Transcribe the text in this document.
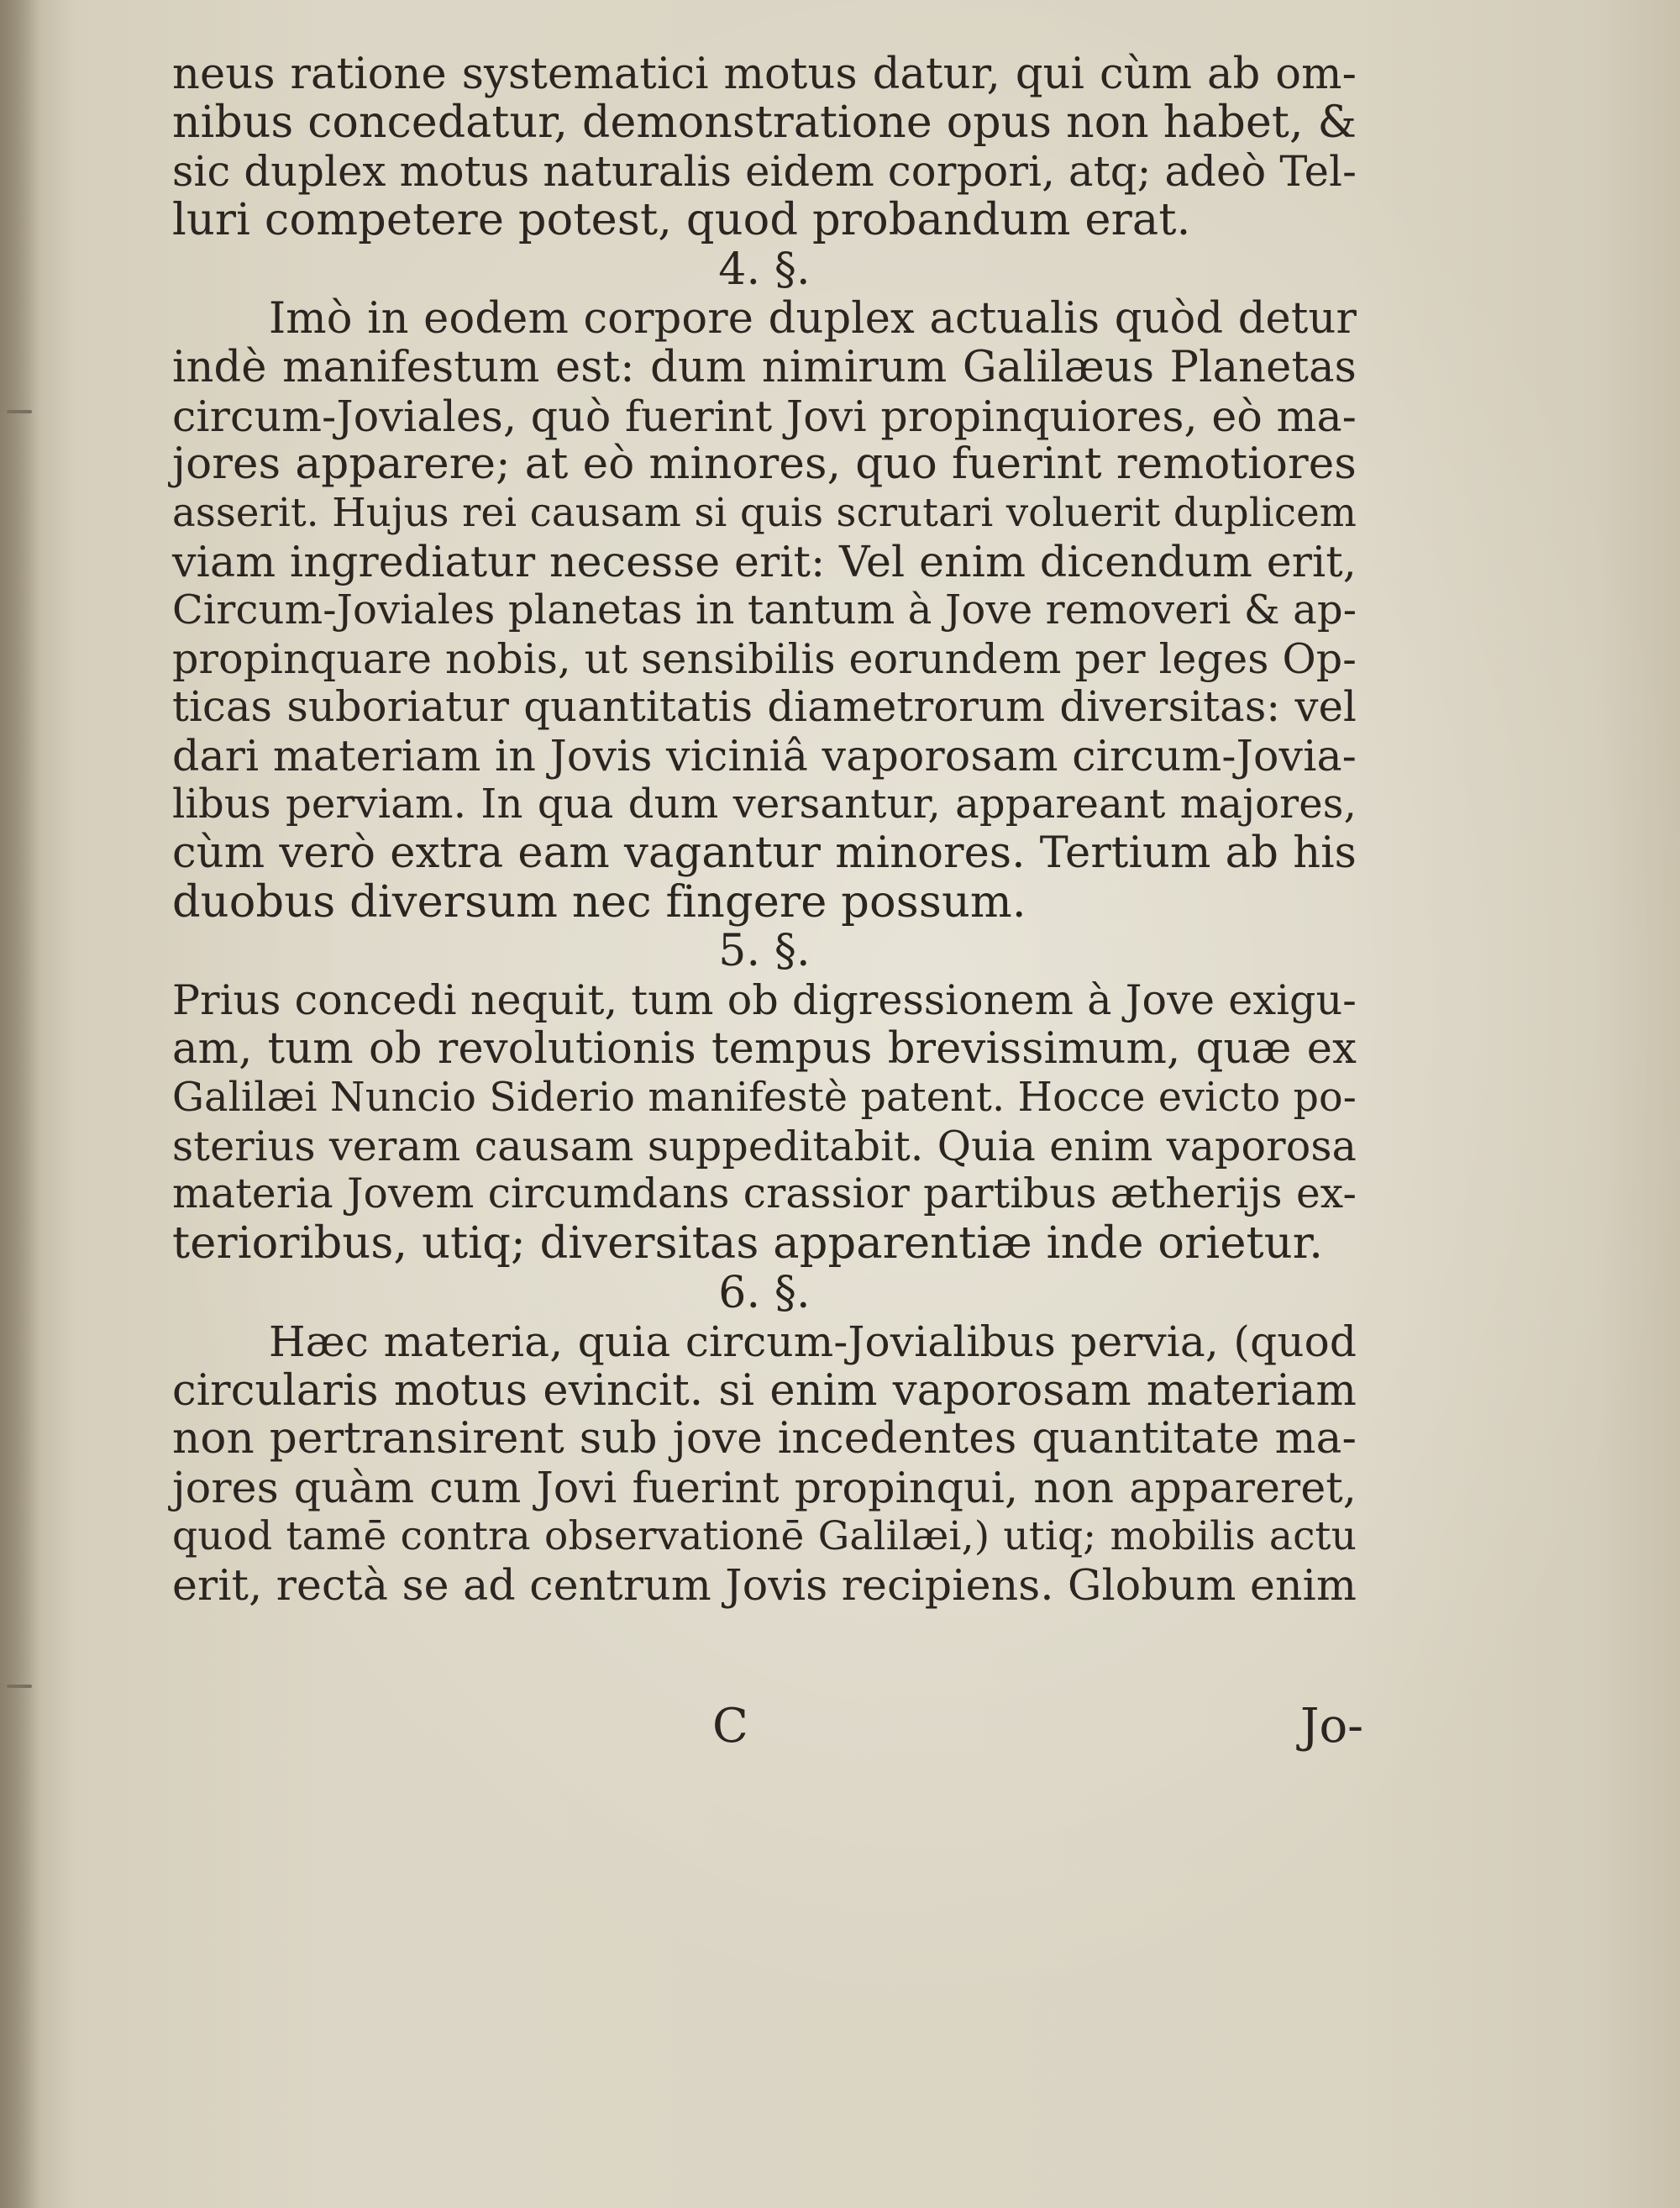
neus ratione systematici motus datur, qui cùm ab om-
nibus concedatur, demonstratione opus non habet, &
sic duplex motus naturalis eidem corpori, atq; adeò Tel-
luri competere potest, quod probandum erat.
4. §.
Imò in eodem corpore duplex actualis quòd detur
indè manifestum est: dum nimirum Galilæus Planetas
circum-Joviales, quò fuerint Jovi propinquiores, eò ma-
jores apparere; at eò minores, quo fuerint remotiores
asserit. Hujus rei causam si quis scrutari voluerit duplicem
viam ingrediatur necesse erit: Vel enim dicendum erit,
Circum-Joviales planetas in tantum à Jove removeri & ap-
propinquare nobis, ut sensibilis eorundem per leges Op-
ticas suboriatur quantitatis diametrorum diversitas: vel
dari materiam in Jovis viciniâ vaporosam circum-Jovia-
libus perviam. In qua dum versantur, appareant majores,
cùm verò extra eam vagantur minores. Tertium ab his
duobus diversum nec fingere possum.
5. §.
Prius concedi nequit, tum ob digressionem à Jove exigu-
am, tum ob revolutionis tempus brevissimum, quæ ex
Galilæi Nuncio Siderio manifestè patent. Hocce evicto po-
sterius veram causam suppeditabit. Quia enim vaporosa
materia Jovem circumdans crassior partibus ætherijs ex-
terioribus, utiq; diversitas apparentiæ inde orietur.
6. §.
Hæc materia, quia circum-Jovialibus pervia, (quod
circularis motus evincit. si enim vaporosam materiam
non pertransirent sub jove incedentes quantitate ma-
jores quàm cum Jovi fuerint propinqui, non appareret,
quod tamē contra observationē Galilæi,) utiq; mobilis actu
erit, rectà se ad centrum Jovis recipiens. Globum enim
C	Jo-
